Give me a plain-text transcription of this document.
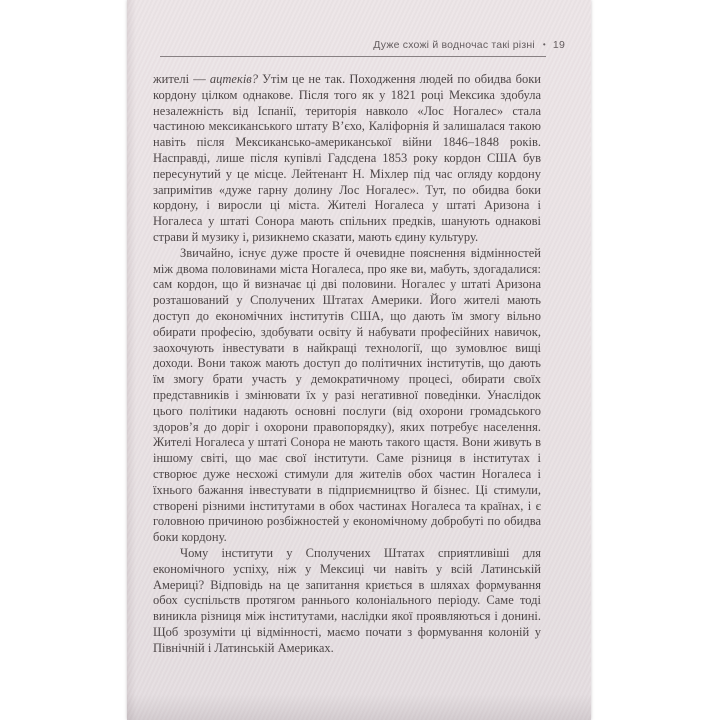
Дуже схожі й водночас такі різні • 19

жителі — ацтеків? Утім це не так. Походження людей по обидва боки кордону цілком однакове. Після того як у 1821 році Мексика здобула незалежність від Іспанії, територія навколо «Лос Ногалес» стала частиною мексиканського штату В’єхо, Каліфорнія й залишалася такою навіть після Мексикансько-американської війни 1846–1848 років. Насправді, лише після купівлі Гадсдена 1853 року кордон США був пересунутий у це місце. Лейтенант Н. Міхлер під час огляду кордону запримітив «дуже гарну долину Лос Ногалес». Тут, по обидва боки кордону, і виросли ці міста. Жителі Ногалеса у штаті Аризона і Ногалеса у штаті Сонора мають спільних предків, шанують однакові страви й музику і, ризикнемо сказати, мають єдину культуру.

Звичайно, існує дуже просте й очевидне пояснення відмінностей між двома половинами міста Ногалеса, про яке ви, мабуть, здогадалися: сам кордон, що й визначає ці дві половини. Ногалес у штаті Аризона розташований у Сполучених Штатах Америки. Його жителі мають доступ до економічних інститутів США, що дають їм змогу вільно обирати професію, здобувати освіту й набувати професійних навичок, заохочують інвестувати в найкращі технології, що зумовлює вищі доходи. Вони також мають доступ до політичних інститутів, що дають їм змогу брати участь у демократичному процесі, обирати своїх представників і змінювати їх у разі негативної поведінки. Унаслідок цього політики надають основні послуги (від охорони громадського здоров’я до доріг і охорони правопорядку), яких потребує населення. Жителі Ногалеса у штаті Сонора не мають такого щастя. Вони живуть в іншому світі, що має свої інститути. Саме різниця в інститутах і створює дуже несхожі стимули для жителів обох частин Ногалеса і їхнього бажання інвестувати в підприємництво й бізнес. Ці стимули, створені різними інститутами в обох частинах Ногалеса та країнах, і є головною причиною розбіжностей у економічному добробуті по обидва боки кордону.

Чому інститути у Сполучених Штатах сприятливіші для економічного успіху, ніж у Мексиці чи навіть у всій Латинській Америці? Відповідь на це запитання криється в шляхах формування обох суспільств протягом раннього колоніального періоду. Саме тоді виникла різниця між інститутами, наслідки якої проявляються і донині. Щоб зрозуміти ці відмінності, маємо почати з формування колоній у Північній і Латинській Америках.
